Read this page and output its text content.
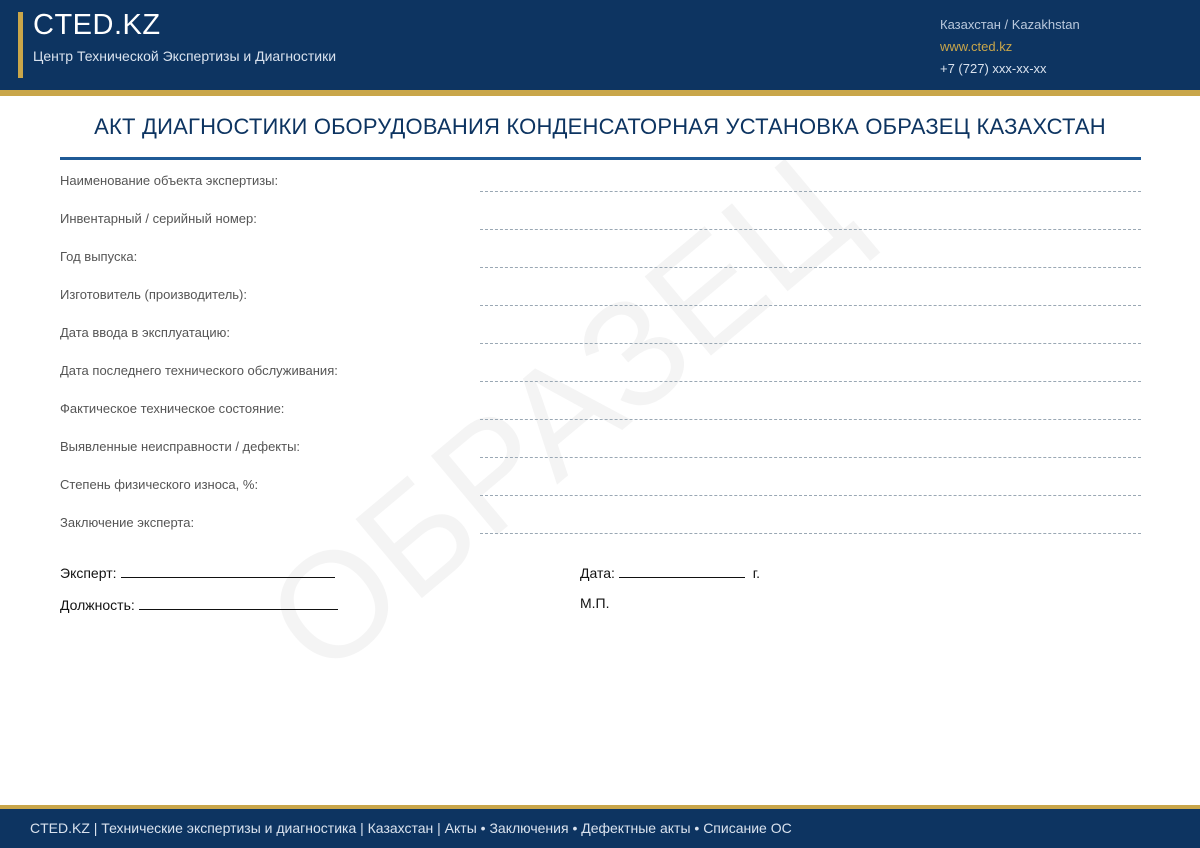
CTED.KZ
Центр Технической Экспертизы и Диагностики
Казахстан / Kazakhstan
www.cted.kz
+7 (727) xxx-xx-xx
АКТ ДИАГНОСТИКИ ОБОРУДОВАНИЯ КОНДЕНСАТОРНАЯ УСТАНОВКА ОБРАЗЕЦ КАЗАХСТАН
Наименование объекта экспертизы:
Инвентарный / серийный номер:
Год выпуска:
Изготовитель (производитель):
Дата ввода в эксплуатацию:
Дата последнего технического обслуживания:
Фактическое техническое состояние:
Выявленные неисправности / дефекты:
Степень физического износа, %:
Заключение эксперта:
Эксперт:
Должность:
Дата:	г.
М.П.
CTED.KZ | Технические экспертизы и диагностика | Казахстан | Акты • Заключения • Дефектные акты • Списание ОС
